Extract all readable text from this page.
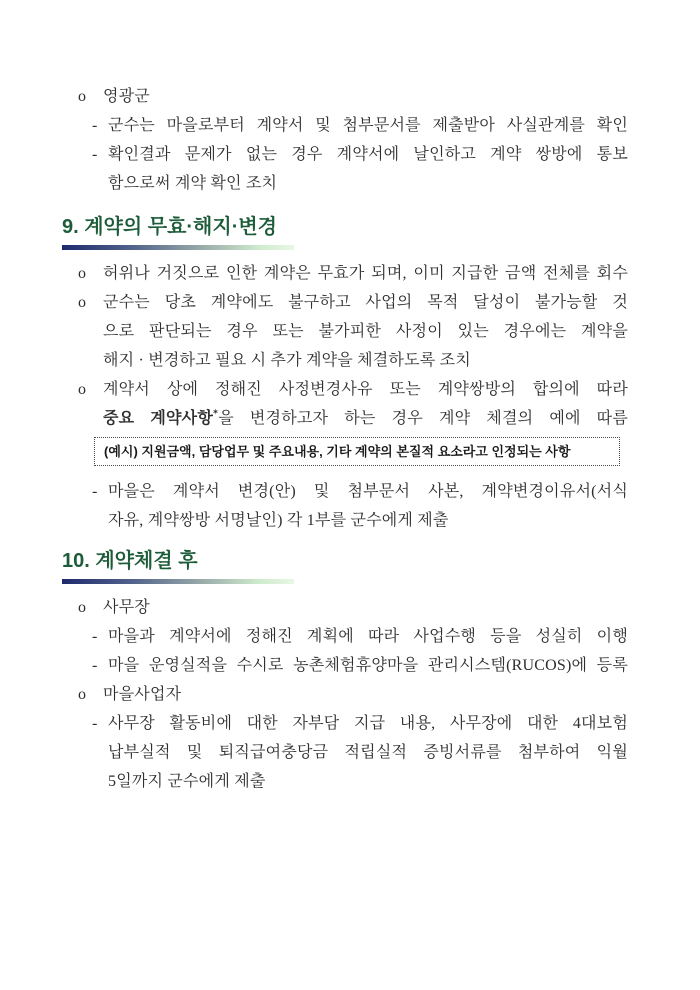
o 영광군
- 군수는 마을로부터 계약서 및 첨부문서를 제출받아 사실관계를 확인
- 확인결과 문제가 없는 경우 계약서에 날인하고 계약 쌍방에 통보
함으로써 계약 확인 조치
9. 계약의 무효·해지·변경
o 허위나 거짓으로 인한 계약은 무효가 되며, 이미 지급한 금액 전체를 회수
o 군수는 당초 계약에도 불구하고 사업의 목적 달성이 불가능할 것
으로 판단되는 경우 또는 불가피한 사정이 있는 경우에는 계약을
해지 · 변경하고 필요 시 추가 계약을 체결하도록 조치
o 계약서 상에 정해진 사정변경사유 또는 계약쌍방의 합의에 따라
중요 계약사항*을 변경하고자 하는 경우 계약 체결의 예에 따름
(예시) 지원금액, 담당업무 및 주요내용, 기타 계약의 본질적 요소라고 인정되는 사항
- 마을은 계약서 변경(안) 및 첨부문서 사본, 계약변경이유서(서식
자유, 계약쌍방 서명날인) 각 1부를 군수에게 제출
10. 계약체결 후
o 사무장
- 마을과 계약서에 정해진 계획에 따라 사업수행 등을 성실히 이행
- 마을 운영실적을 수시로 농촌체험휴양마을 관리시스템(RUCOS)에 등록
o 마을사업자
- 사무장 활동비에 대한 자부담 지급 내용, 사무장에 대한 4대보험
납부실적 및 퇴직급여충당금 적립실적 증빙서류를 첨부하여 익월
5일까지 군수에게 제출
